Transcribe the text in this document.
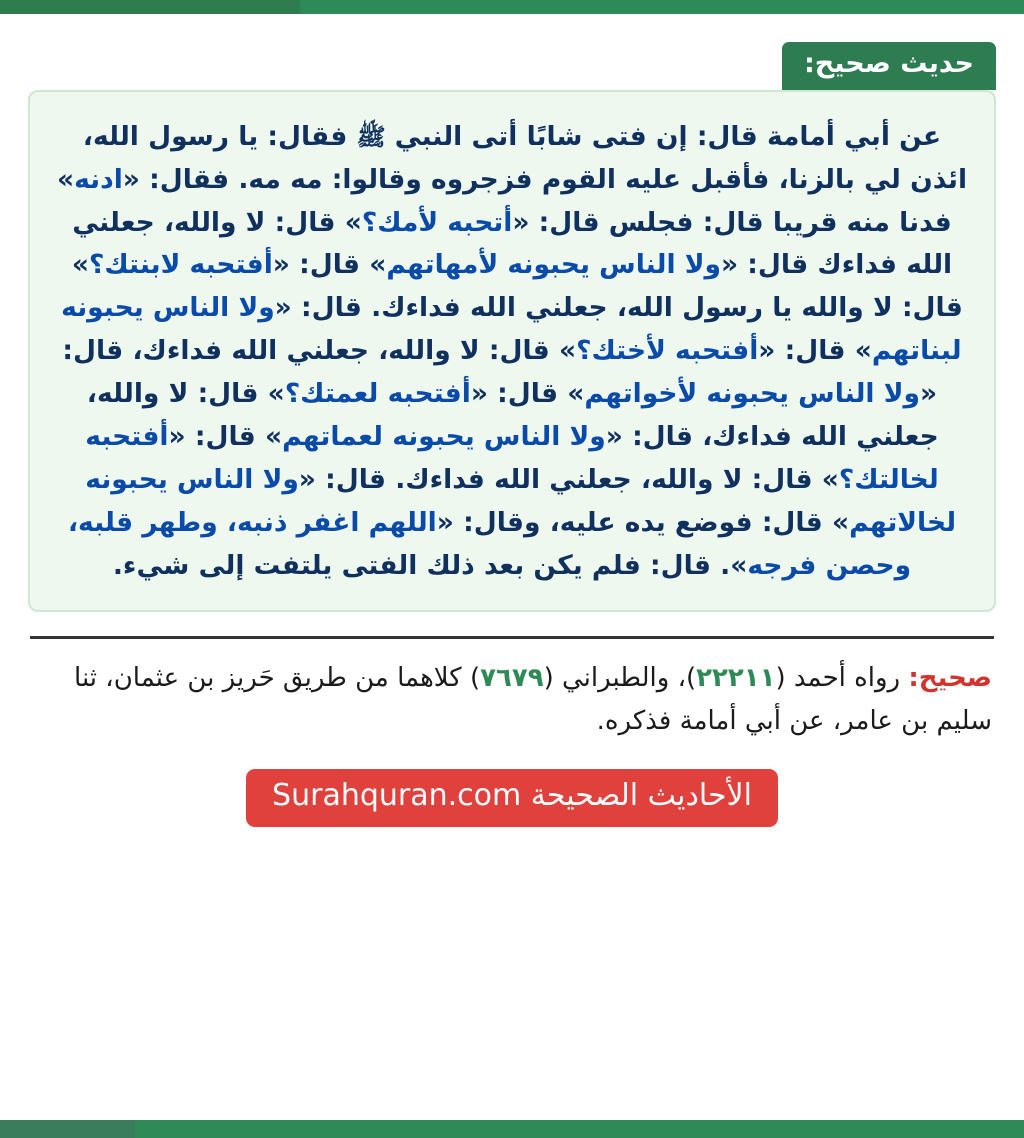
حديث صحيح:
عن أبي أمامة قال: إن فتى شابًا أتى النبي ﷺ فقال: يا رسول الله، ائذن لي بالزنا، فأقبل عليه القوم فزجروه وقالوا: مه مه. فقال: «ادنه» فدنا منه قريبا قال: فجلس قال: «أتحبه لأمك؟» قال: لا والله، جعلني الله فداءك قال: «ولا الناس يحبونه لأمهاتهم» قال: «أفتحبه لابنتك؟» قال: لا والله يا رسول الله، جعلني الله فداءك. قال: «ولا الناس يحبونه لبناتهم» قال: «أفتحبه لأختك؟» قال: لا والله، جعلني الله فداءك، قال: «ولا الناس يحبونه لأخواتهم» قال: «أفتحبه لعمتك؟» قال: لا والله، جعلني الله فداءك، قال: «ولا الناس يحبونه لعماتهم» قال: «أفتحبه لخالتك؟» قال: لا والله، جعلني الله فداءك. قال: «ولا الناس يحبونه لخالاتهم» قال: فوضع يده عليه، وقال: «اللهم اغفر ذنبه، وطهر قلبه، وحصن فرجه». قال: فلم يكن بعد ذلك الفتى يلتفت إلى شيء.
صحيح: رواه أحمد (٢٢٢١١)، والطبراني (٧٦٧٩) كلاهما من طريق حَريز بن عثمان، ثنا سليم بن عامر، عن أبي أمامة فذكره.
الأحاديث الصحيحة Surahquran.com
